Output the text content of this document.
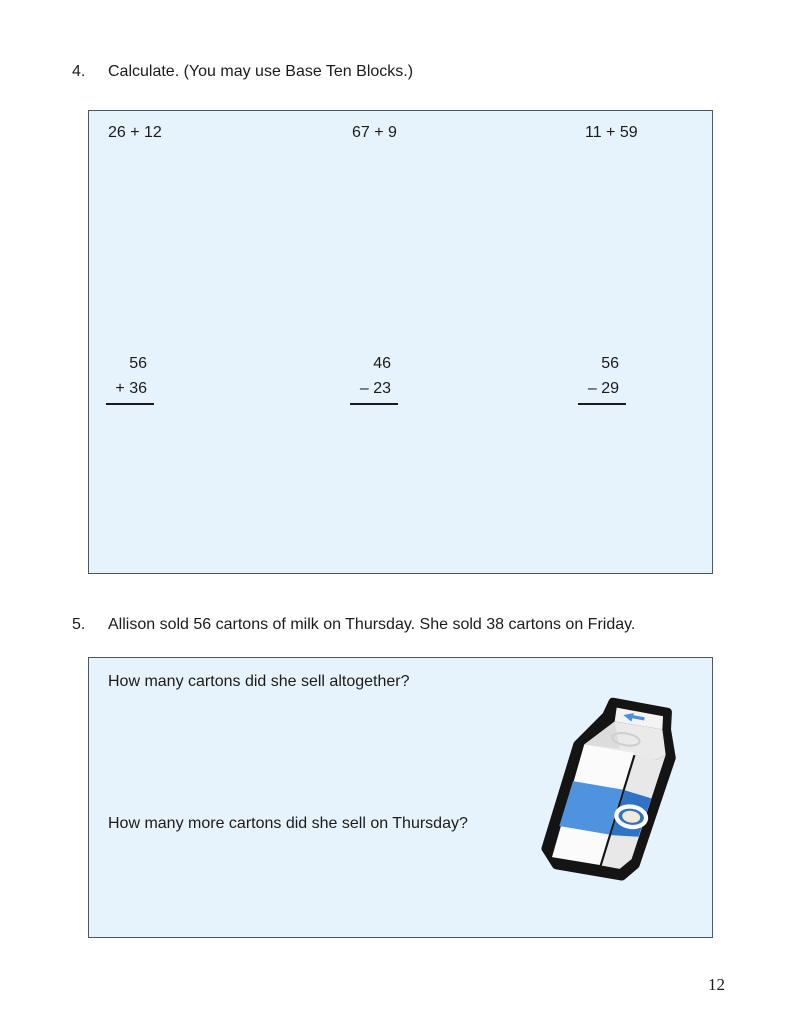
4. Calculate. (You may use Base Ten Blocks.)
26 + 12	67 + 9	11 + 59
56
+ 36
46
– 23
56
– 29
5. Allison sold 56 cartons of milk on Thursday. She sold 38 cartons on Friday.
How many cartons did she sell altogether?
How many more cartons did she sell on Thursday?
12
